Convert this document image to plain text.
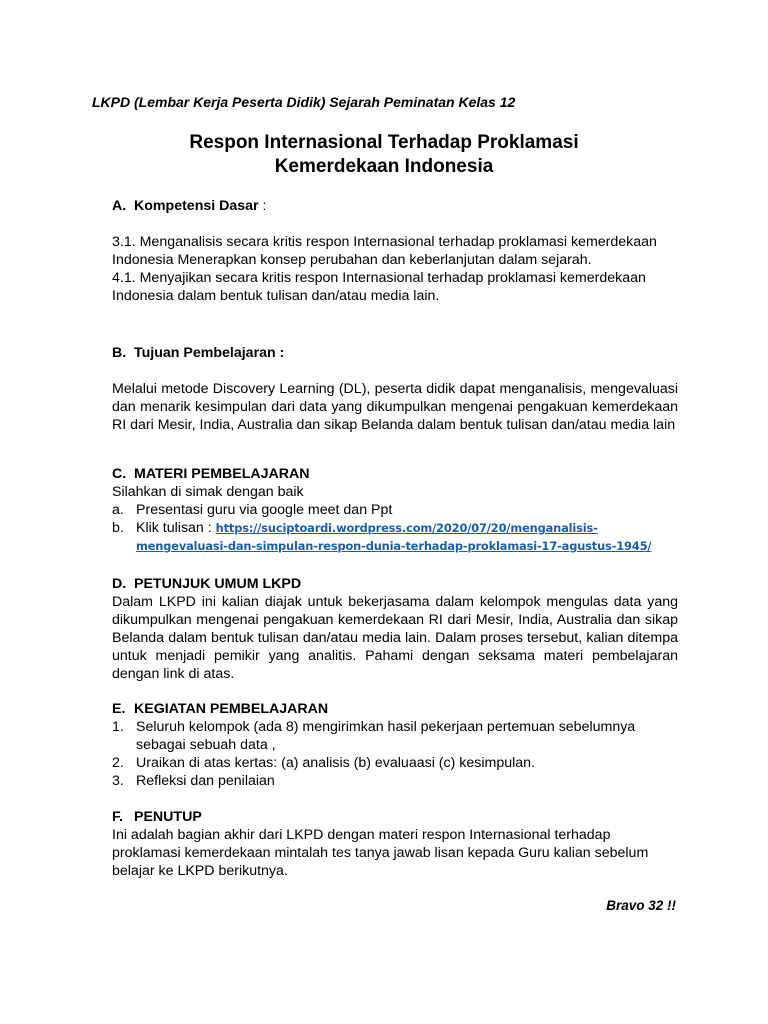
LKPD (Lembar Kerja Peserta Didik) Sejarah Peminatan Kelas 12
Respon Internasional Terhadap Proklamasi
Kemerdekaan Indonesia
A. Kompetensi Dasar :

3.1. Menganalisis secara kritis respon Internasional terhadap proklamasi kemerdekaan Indonesia Menerapkan konsep perubahan dan keberlanjutan dalam sejarah.

4.1. Menyajikan secara kritis respon Internasional terhadap proklamasi kemerdekaan Indonesia dalam bentuk tulisan dan/atau media lain.

B. Tujuan Pembelajaran :

Melalui metode Discovery Learning (DL), peserta didik dapat menganalisis, mengevaluasi dan menarik kesimpulan dari data yang dikumpulkan mengenai pengakuan kemerdekaan RI dari Mesir, India, Australia dan sikap Belanda dalam bentuk tulisan dan/atau media lain

C. MATERI PEMBELAJARAN

Silahkan di simak dengan baik

a. Presentasi guru via google meet dan Ppt
b. Klik tulisan : https://suciptoardi.wordpress.com/2020/07/20/menganalisis-
mengevaluasi-dan-simpulan-respon-dunia-terhadap-proklamasi-17-agustus-1945/
D. PETUNJUK UMUM LKPD

Dalam LKPD ini kalian diajak untuk bekerjasama dalam kelompok mengulas data yang dikumpulkan mengenai pengakuan kemerdekaan RI dari Mesir, India, Australia dan sikap Belanda dalam bentuk tulisan dan/atau media lain. Dalam proses tersebut, kalian ditempa untuk menjadi pemikir yang analitis. Pahami dengan seksama materi pembelajaran dengan link di atas.

E. KEGIATAN PEMBELAJARAN
1. Seluruh kelompok (ada 8) mengirimkan hasil pekerjaan pertemuan sebelumnya sebagai sebuah data ,
2. Uraikan di atas kertas: (a) analisis (b) evaluaasi (c) kesimpulan.
3. Refleksi dan penilaian
F. PENUTUP

Ini adalah bagian akhir dari LKPD dengan materi respon Internasional terhadap proklamasi kemerdekaan mintalah tes tanya jawab lisan kepada Guru kalian sebelum belajar ke LKPD berikutnya.

Bravo 32 !!
